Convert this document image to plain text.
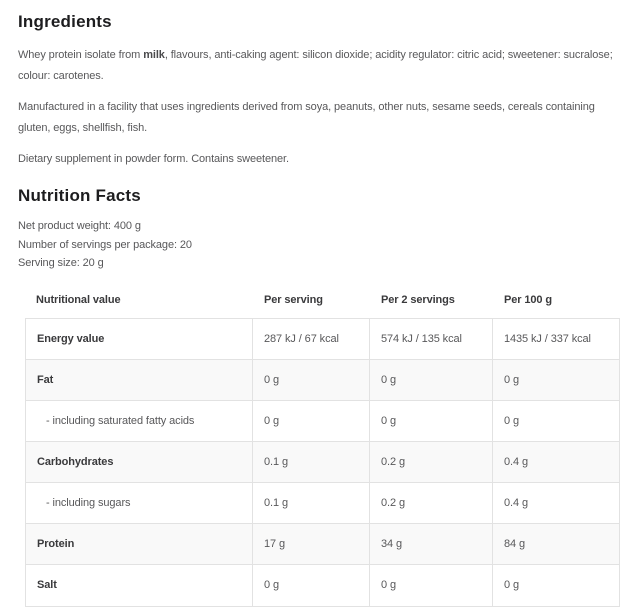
Ingredients

Whey protein isolate from milk, flavours, anti-caking agent: silicon dioxide; acidity regulator: citric acid; sweetener: sucralose; colour: carotenes.

Manufactured in a facility that uses ingredients derived from soya, peanuts, other nuts, sesame seeds, cereals containing gluten, eggs, shellfish, fish.

Dietary supplement in powder form. Contains sweetener.

Nutrition Facts

Net product weight: 400 g

Number of servings per package: 20

Serving size: 20 g

Nutritional value	Per serving	Per 2 servings	Per 100 g
Energy value	287 kJ / 67 kcal	574 kJ / 135 kcal	1435 kJ / 337 kcal
Fat	0 g	0 g	0 g
- including saturated fatty acids	0 g	0 g	0 g
Carbohydrates	0.1 g	0.2 g	0.4 g
- including sugars	0.1 g	0.2 g	0.4 g
Protein	17 g	34 g	84 g
Salt	0 g	0 g	0 g
